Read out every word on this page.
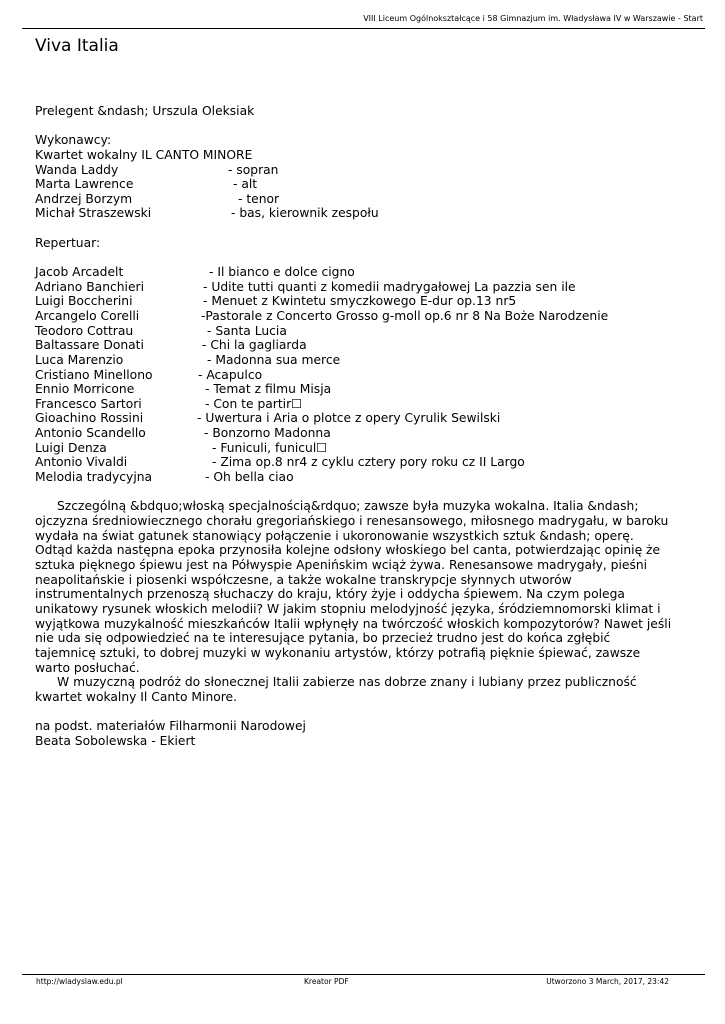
VIII Liceum Ogólnokształcące i 58 Gimnazjum im. Władysława IV w Warszawie - Start
Viva Italia
Prelegent &ndash; Urszula Oleksiak
Wykonawcy:
Kwartet wokalny IL CANTO MINORE
Wanda Laddy	- sopran
Marta Lawrence	- alt
Andrzej Borzym	- tenor
Michał Straszewski	- bas, kierownik zespołu
Repertuar:
Jacob Arcadelt	- Il bianco e dolce cigno
Adriano Banchieri	- Udite tutti quanti z komedii madrygałowej La pazzia sen ile
Luigi Boccherini	- Menuet z Kwintetu smyczkowego E-dur op.13 nr5
Arcangelo Corelli	-Pastorale z Concerto Grosso g-moll op.6 nr 8 Na Boże Narodzenie
Teodoro Cottrau	- Santa Lucia
Baltassare Donati	- Chi la gagliarda
Luca Marenzio	- Madonna sua merce
Cristiano Minellono	- Acapulco
Ennio Morricone	- Temat z filmu Misja
Francesco Sartori	- Con te partir☐
Gioachino Rossini	- Uwertura i Aria o plotce z opery Cyrulik Sewilski
Antonio Scandello	- Bonzorno Madonna
Luigi Denza	- Funiculi, funicul☐
Antonio Vivaldi	- Zima op.8 nr4 z cyklu cztery pory roku cz II Largo
Melodia tradycyjna	- Oh bella ciao

Szczególną &bdquo;włoską specjalnością&rdquo; zawsze była muzyka wokalna. Italia &ndash; ojczyzna średniowiecznego chorału gregoriańskiego i renesansowego, miłosnego madrygału, w baroku wydała na świat gatunek stanowiący połączenie i ukoronowanie wszystkich sztuk &ndash; operę. Odtąd każda następna epoka przynosiła kolejne odsłony włoskiego bel canta, potwierdzając opinię że sztuka pięknego śpiewu jest na Półwyspie Apenińskim wciąż żywa. Renesansowe madrygały, pieśni neapolitańskie i piosenki współczesne, a także wokalne transkrypcje słynnych utworów instrumentalnych przenoszą słuchaczy do kraju, który żyje i oddycha śpiewem. Na czym polega unikatowy rysunek włoskich melodii? W jakim stopniu melodyjność języka, śródziemnomorski klimat i wyjątkowa muzykalność mieszkańców Italii wpłynęły na twórczość włoskich kompozytorów? Nawet jeśli nie uda się odpowiedzieć na te interesujące pytania, bo przecież trudno jest do końca zgłębić tajemnicę sztuki, to dobrej muzyki w wykonaniu artystów, którzy potrafią pięknie śpiewać, zawsze warto posłuchać.

W muzyczną podróż do słonecznej Italii zabierze nas dobrze znany i lubiany przez publiczność kwartet wokalny Il Canto Minore.

na podst. materiałów Filharmonii Narodowej
Beata Sobolewska - Ekiert
http://wladyslaw.edu.pl	Kreator PDF	Utworzono 3 March, 2017, 23:42
